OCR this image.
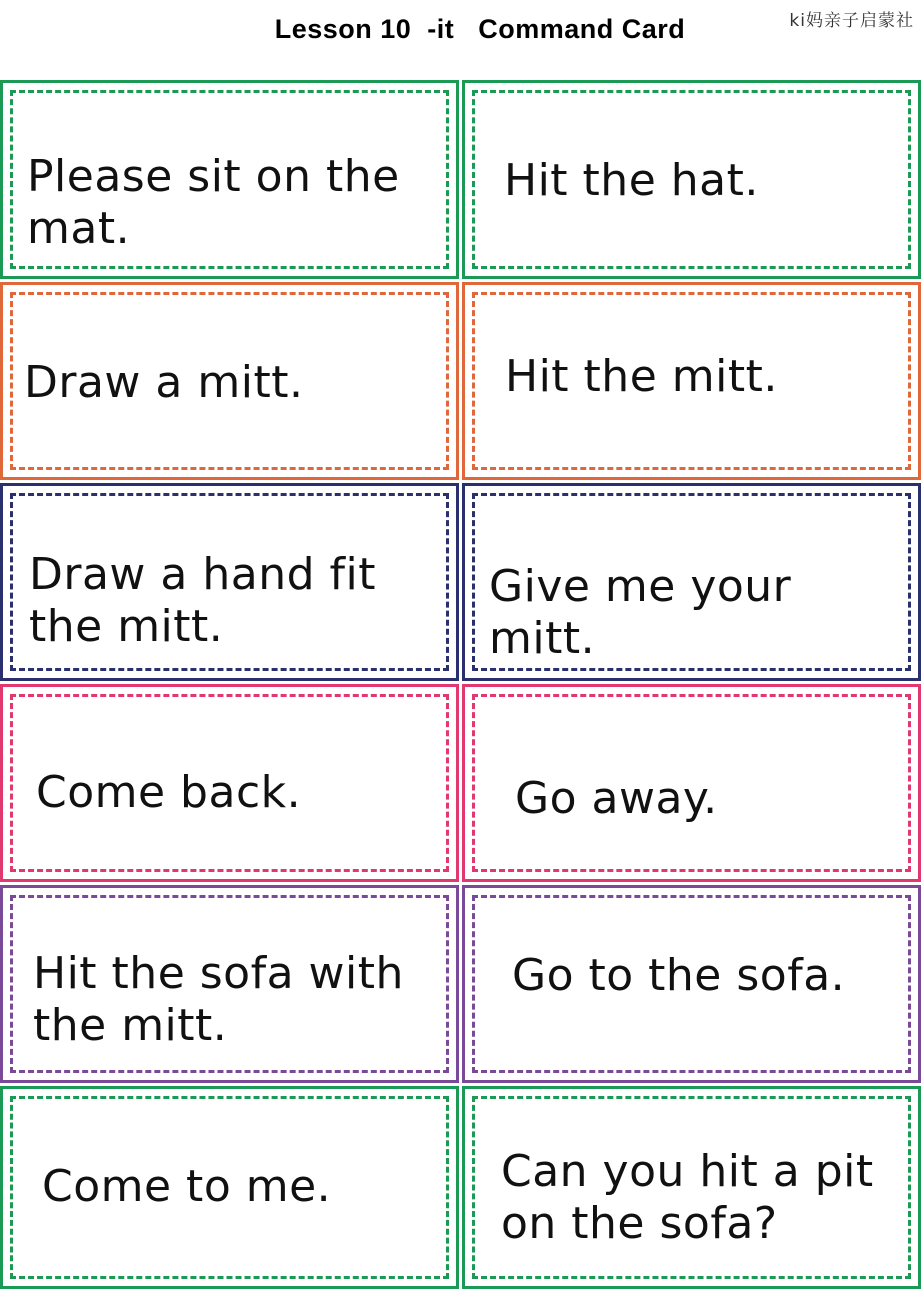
Lesson 10  -it   Command Card	ki妈亲子启蒙社
Please sit on the mat.
Hit the hat.
Draw a mitt.	Hit the mitt.
Draw a hand fit the mitt.
Give me your mitt.
Come back.	Go away.
Hit the sofa with the mitt.
Go to the sofa.
Come to me.	Can you hit a pit on the sofa?
